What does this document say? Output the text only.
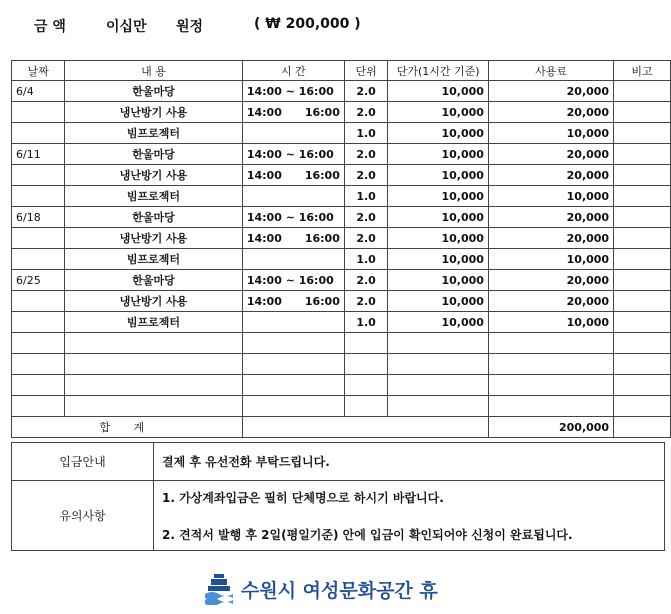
금 액	이십만 원정	( ₩ 200,000 )
날짜	내 용	시 간	단위	단가(1시간 기준)	사용료	비고
6/4	한울마당	14:00 ~ 16:00	2.0	10,000	20,000	
	냉난방기 사용	14:00      16:00	2.0	10,000	20,000	
	빔프로젝터		1.0	10,000	10,000	
6/11	한울마당	14:00 ~ 16:00	2.0	10,000	20,000	
	냉난방기 사용	14:00      16:00	2.0	10,000	20,000	
	빔프로젝터		1.0	10,000	10,000	
6/18	한울마당	14:00 ~ 16:00	2.0	10,000	20,000	
	냉난방기 사용	14:00      16:00	2.0	10,000	20,000	
	빔프로젝터		1.0	10,000	10,000	
6/25	한울마당	14:00 ~ 16:00	2.0	10,000	20,000	
	냉난방기 사용	14:00      16:00	2.0	10,000	20,000	
	빔프로젝터		1.0	10,000	10,000	

합 계					200,000	
입금안내	결제 후 유선전화 부탁드립니다.
유의사항	1. 가상계좌입금은 필히 단체명으로 하시기 바랍니다.
2. 견적서 발행 후 2일(평일기준) 안에 입금이 확인되어야 신청이 완료됩니다.
수원시 여성문화공간 휴
